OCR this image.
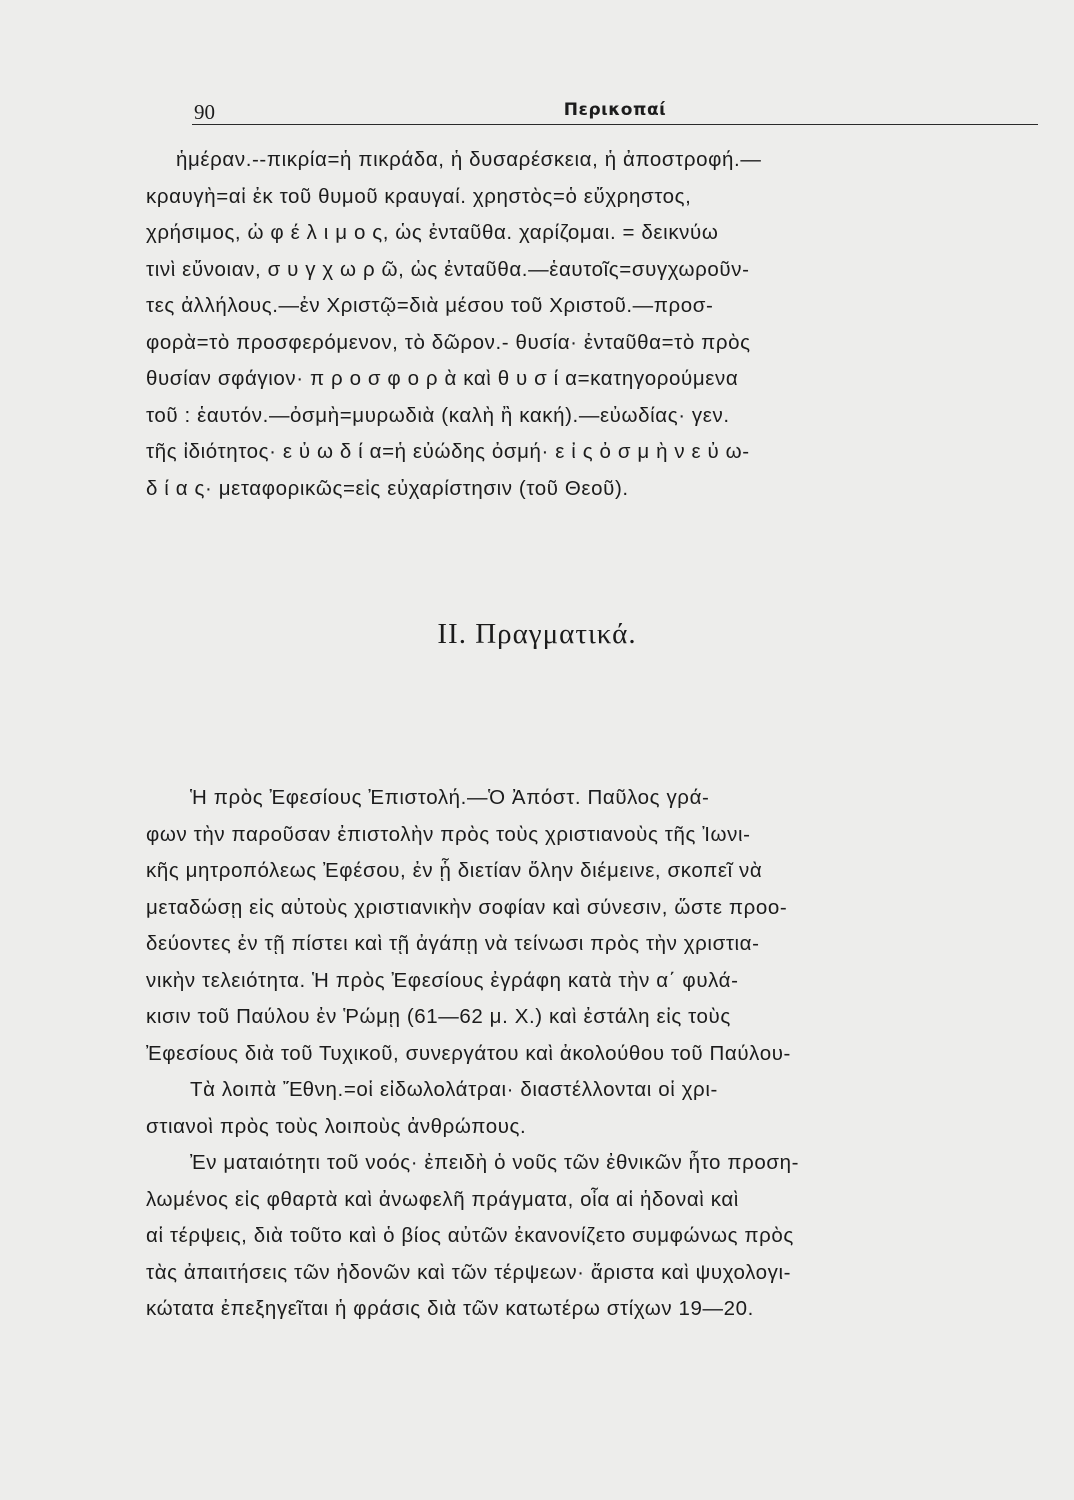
90	Περικοπαί
ἡμέραν.--πικρία=ἡ πικράδα, ἡ δυσαρέσκεια, ἡ ἀποστροφή.—
κραυγὴ=αἱ ἐκ τοῦ θυμοῦ κραυγαί. χρηστὸς=ὁ εὔχρηστος,
χρήσιμος, ὠ φ έ λ ι μ ο ς, ὡς ἐνταῦθα. χαρίζομαι. = δεικνύω
τινὶ εὔνοιαν, σ υ γ χ ω ρ ῶ, ὡς ἐνταῦθα.—ἑαυτοῖς=συγχωροῦν-
τες ἀλλήλους.—ἐν Χριστῷ=διὰ μέσου τοῦ Χριστοῦ.—προσ-
φορὰ=τὸ προσφερόμενον, τὸ δῶρον.- θυσία· ἐνταῦθα=τὸ πρὸς
θυσίαν σφάγιον· π ρ ο σ φ ο ρ ὰ καὶ θ υ σ ί α=κατηγορούμενα
τοῦ : ἑαυτόν.—ὀσμὴ=μυρωδιὰ (καλὴ ἢ κακή).—εὐωδίας· γεν.
τῆς ἰδιότητος· ε ὐ ω δ ί α=ἡ εὐώδης ὀσμή· ε ἰ ς ὀ σ μ ὴ ν ε ὐ ω-
δ ί α ς· μεταφορικῶς=εἰς εὐχαρίστησιν (τοῦ Θεοῦ).
II. Πραγματικά.
Ἡ πρὸς Ἐφεσίους Ἐπιστολή.—Ὁ Ἀπόστ. Παῦλος γρά-
φων τὴν παροῦσαν ἐπιστολὴν πρὸς τοὺς χριστιανοὺς τῆς Ἰωνι-
κῆς μητροπόλεως Ἐφέσου, ἐν ᾗ διετίαν ὅλην διέμεινε, σκοπεῖ νὰ
μεταδώσῃ εἰς αὐτοὺς χριστιανικὴν σοφίαν καὶ σύνεσιν, ὥστε προο-
δεύοντες ἐν τῇ πίστει καὶ τῇ ἀγάπῃ νὰ τείνωσι πρὸς τὴν χριστια-
νικὴν τελειότητα. Ἡ πρὸς Ἐφεσίους ἐγράφη κατὰ τὴν α΄ φυλά-
κισιν τοῦ Παύλου ἐν Ῥώμῃ (61—62 μ. Χ.) καὶ ἐστάλη εἰς τοὺς
Ἐφεσίους διὰ τοῦ Τυχικοῦ, συνεργάτου καὶ ἀκολούθου τοῦ Παύλου-
Τὰ λοιπὰ Ἔθνη.=οἱ εἰδωλολάτραι· διαστέλλονται οἱ χρι-
στιανοὶ πρὸς τοὺς λοιποὺς ἀνθρώπους.
Ἐν ματαιότητι τοῦ νοός· ἐπειδὴ ὁ νοῦς τῶν ἐθνικῶν ἦτο προση-
λωμένος εἰς φθαρτὰ καὶ ἀνωφελῆ πράγματα, οἷα αἱ ἡδοναὶ καὶ
αἱ τέρψεις, διὰ τοῦτο καὶ ὁ βίος αὐτῶν ἐκανονίζετο συμφώνως πρὸς
τὰς ἀπαιτήσεις τῶν ἡδονῶν καὶ τῶν τέρψεων· ἄριστα καὶ ψυχολογι-
κώτατα ἐπεξηγεῖται ἡ φράσις διὰ τῶν κατωτέρω στίχων 19—20.
